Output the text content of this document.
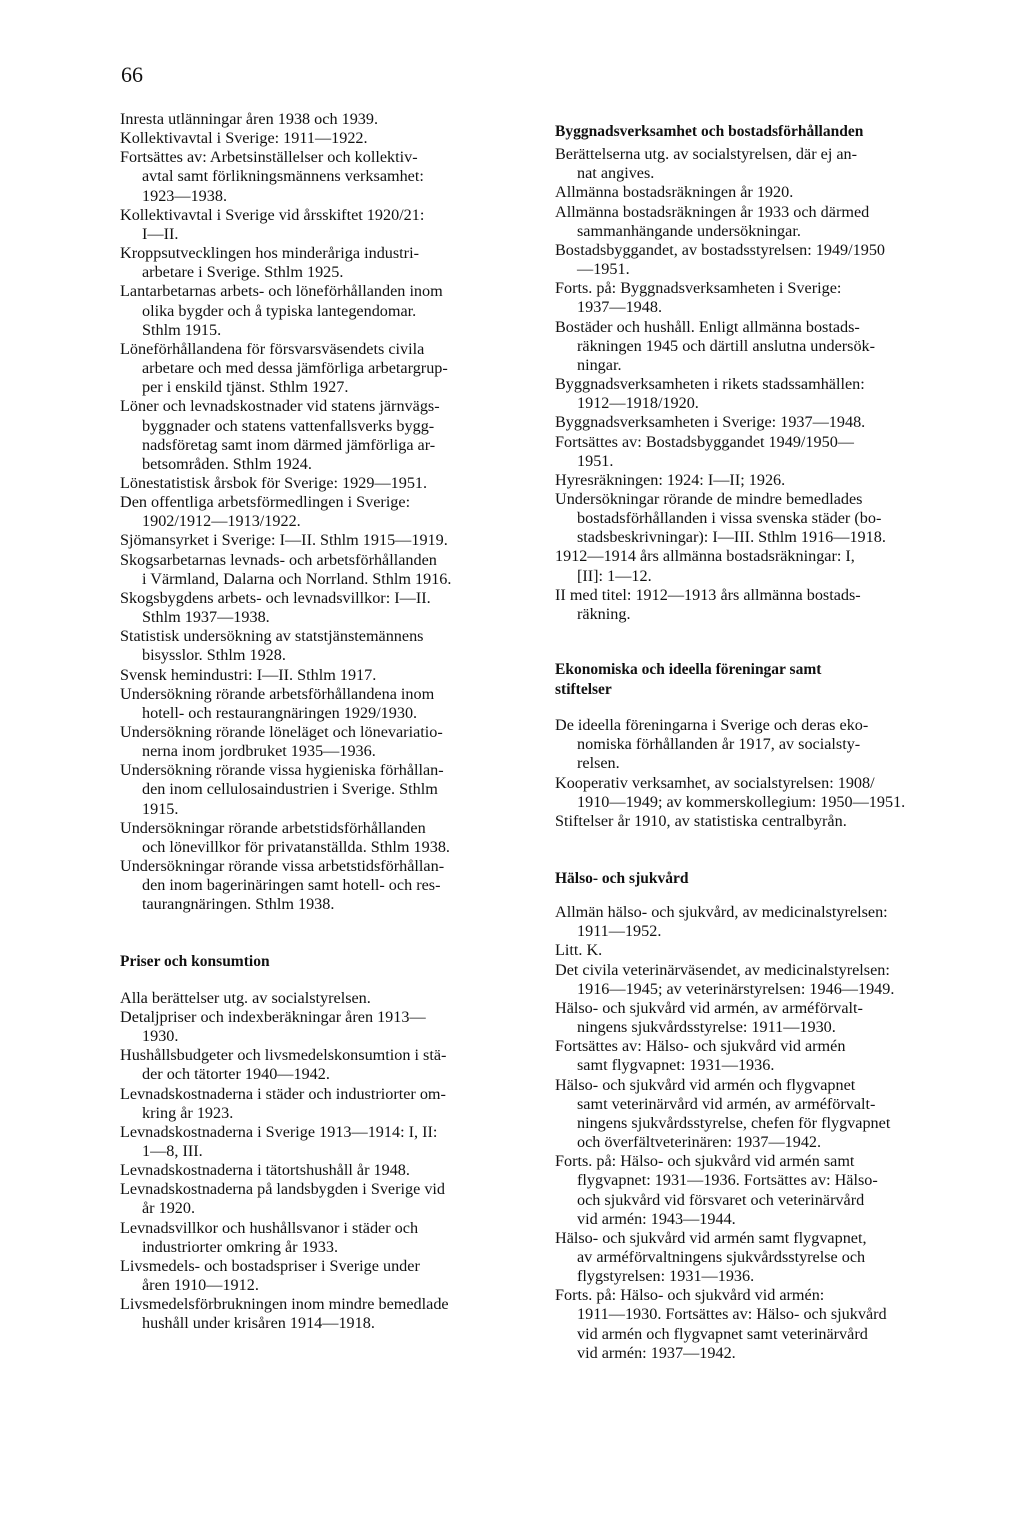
66
Inresta utlänningar åren 1938 och 1939.
Kollektivavtal i Sverige: 1911—1922.
Fortsättes av: Arbetsinställelser och kollektiv-
avtal samt förlikningsmännens verksamhet:
1923—1938.
Kollektivavtal i Sverige vid årsskiftet 1920/21:
I—II.
Kroppsutvecklingen hos minderåriga industri-
arbetare i Sverige. Sthlm 1925.
Lantarbetarnas arbets- och löneförhållanden inom
olika bygder och å typiska lantegendomar.
Sthlm 1915.
Löneförhållandena för försvarsväsendets civila
arbetare och med dessa jämförliga arbetargrup-
per i enskild tjänst. Sthlm 1927.
Löner och levnadskostnader vid statens järnvägs-
byggnader och statens vattenfallsverks bygg-
nadsföretag samt inom därmed jämförliga ar-
betsområden. Sthlm 1924.
Lönestatistisk årsbok för Sverige: 1929—1951.
Den offentliga arbetsförmedlingen i Sverige:
1902/1912—1913/1922.
Sjömansyrket i Sverige: I—II. Sthlm 1915—1919.
Skogsarbetarnas levnads- och arbetsförhållanden
i Värmland, Dalarna och Norrland. Sthlm 1916.
Skogsbygdens arbets- och levnadsvillkor: I—II.
Sthlm 1937—1938.
Statistisk undersökning av statstjänstemännens
bisysslor. Sthlm 1928.
Svensk hemindustri: I—II. Sthlm 1917.
Undersökning rörande arbetsförhållandena inom
hotell- och restaurangnäringen 1929/1930.
Undersökning rörande löneläget och lönevariatio-
nerna inom jordbruket 1935—1936.
Undersökning rörande vissa hygieniska förhållan-
den inom cellulosaindustrien i Sverige. Sthlm
1915.
Undersökningar rörande arbetstidsförhållanden
och lönevillkor för privatanställda. Sthlm 1938.
Undersökningar rörande vissa arbetstidsförhållan-
den inom bagerinäringen samt hotell- och res-
taurangnäringen. Sthlm 1938.

Priser och konsumtion

Alla berättelser utg. av socialstyrelsen.
Detaljpriser och indexberäkningar åren 1913—
1930.
Hushållsbudgeter och livsmedelskonsumtion i stä-
der och tätorter 1940—1942.
Levnadskostnaderna i städer och industriorter om-
kring år 1923.
Levnadskostnaderna i Sverige 1913—1914: I, II:
1—8, III.
Levnadskostnaderna i tätortshushåll år 1948.
Levnadskostnaderna på landsbygden i Sverige vid
år 1920.
Levnadsvillkor och hushållsvanor i städer och
industriorter omkring år 1933.
Livsmedels- och bostadspriser i Sverige under
åren 1910—1912.
Livsmedelsförbrukningen inom mindre bemedlade
hushåll under krisåren 1914—1918.

Byggnadsverksamhet och bostadsförhållanden

Berättelserna utg. av socialstyrelsen, där ej an-
nat angives.
Allmänna bostadsräkningen år 1920.
Allmänna bostadsräkningen år 1933 och därmed
sammanhängande undersökningar.
Bostadsbyggandet, av bostadsstyrelsen: 1949/1950
—1951.
Forts. på: Byggnadsverksamheten i Sverige:
1937—1948.
Bostäder och hushåll. Enligt allmänna bostads-
räkningen 1945 och därtill anslutna undersök-
ningar.
Byggnadsverksamheten i rikets stadssamhällen:
1912—1918/1920.
Byggnadsverksamheten i Sverige: 1937—1948.
Fortsättes av: Bostadsbyggandet 1949/1950—
1951.
Hyresräkningen: 1924: I—II; 1926.
Undersökningar rörande de mindre bemedlades
bostadsförhållanden i vissa svenska städer (bo-
stadsbeskrivningar): I—III. Sthlm 1916—1918.
1912—1914 års allmänna bostadsräkningar: I,
[II]: 1—12.
II med titel: 1912—1913 års allmänna bostads-
räkning.

Ekonomiska och ideella föreningar samt stiftelser

De ideella föreningarna i Sverige och deras eko-
nomiska förhållanden år 1917, av socialsty-
relsen.
Kooperativ verksamhet, av socialstyrelsen: 1908/
1910—1949; av kommerskollegium: 1950—1951.
Stiftelser år 1910, av statistiska centralbyrån.

Hälso- och sjukvård

Allmän hälso- och sjukvård, av medicinalstyrelsen:
1911—1952.
Litt. K.
Det civila veterinärväsendet, av medicinalstyrelsen:
1916—1945; av veterinärstyrelsen: 1946—1949.
Hälso- och sjukvård vid armén, av arméförvalt-
ningens sjukvårdsstyrelse: 1911—1930.
Fortsättes av: Hälso- och sjukvård vid armén
samt flygvapnet: 1931—1936.
Hälso- och sjukvård vid armén och flygvapnet
samt veterinärvård vid armén, av arméförvalt-
ningens sjukvårdsstyrelse, chefen för flygvapnet
och överfältveterinären: 1937—1942.
Forts. på: Hälso- och sjukvård vid armén samt
flygvapnet: 1931—1936. Fortsättes av: Hälso-
och sjukvård vid försvaret och veterinärvård
vid armén: 1943—1944.
Hälso- och sjukvård vid armén samt flygvapnet,
av arméförvaltningens sjukvårdsstyrelse och
flygstyrelsen: 1931—1936.
Forts. på: Hälso- och sjukvård vid armén:
1911—1930. Fortsättes av: Hälso- och sjukvård
vid armén och flygvapnet samt veterinärvård
vid armén: 1937—1942.
